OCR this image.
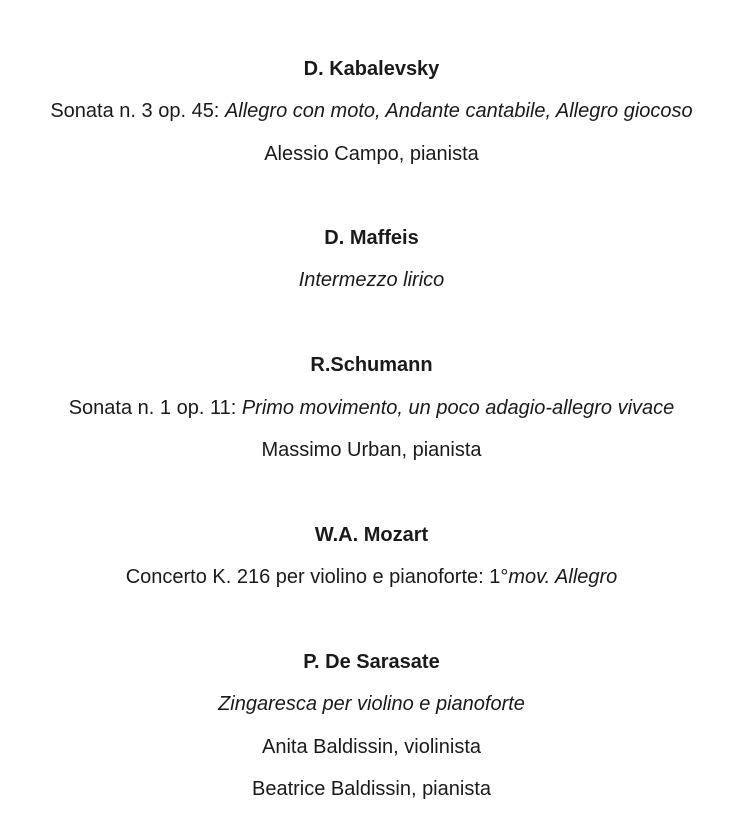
D. Kabalevsky
Sonata n. 3 op. 45: Allegro con moto, Andante cantabile, Allegro giocoso
Alessio Campo, pianista
D. Maffeis
Intermezzo lirico
R.Schumann
Sonata n. 1 op. 11: Primo movimento, un poco adagio-allegro vivace
Massimo Urban, pianista
W.A. Mozart
Concerto K. 216 per violino e pianoforte: 1°mov. Allegro
P. De Sarasate
Zingaresca per violino e pianoforte
Anita Baldissin, violinista
Beatrice Baldissin, pianista
